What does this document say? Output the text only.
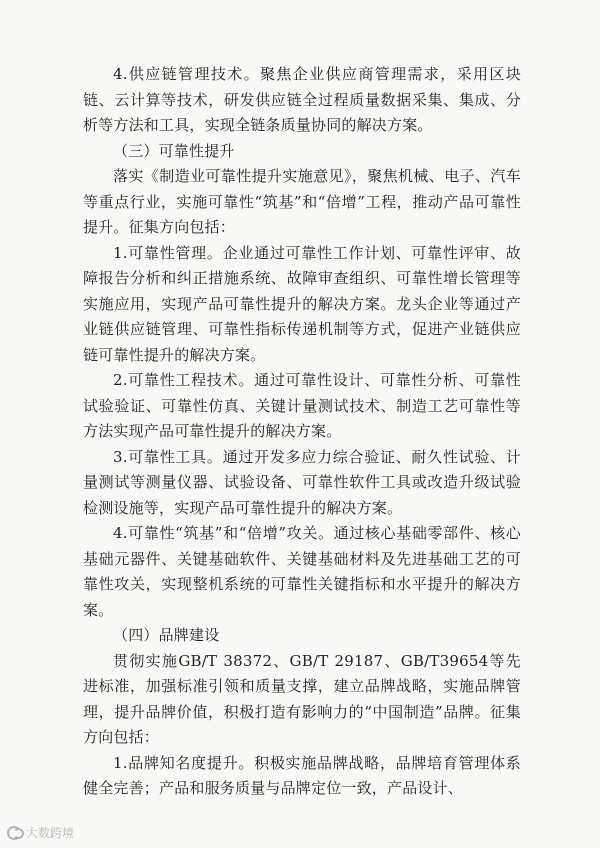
4.供应链管理技术。聚焦企业供应商管理需求，采用区块链、云计算等技术，研发供应链全过程质量数据采集、集成、分析等方法和工具，实现全链条质量协同的解决方案。

（三）可靠性提升

落实《制造业可靠性提升实施意见》，聚焦机械、电子、汽车等重点行业，实施可靠性“筑基”和“倍增”工程，推动产品可靠性提升。征集方向包括：

1.可靠性管理。企业通过可靠性工作计划、可靠性评审、故障报告分析和纠正措施系统、故障审查组织、可靠性增长管理等实施应用，实现产品可靠性提升的解决方案。龙头企业等通过产业链供应链管理、可靠性指标传递机制等方式，促进产业链供应链可靠性提升的解决方案。

2.可靠性工程技术。通过可靠性设计、可靠性分析、可靠性试验验证、可靠性仿真、关键计量测试技术、制造工艺可靠性等方法实现产品可靠性提升的解决方案。

3.可靠性工具。通过开发多应力综合验证、耐久性试验、计量测试等测量仪器、试验设备、可靠性软件工具或改造升级试验检测设施等，实现产品可靠性提升的解决方案。

4.可靠性“筑基”和“倍增”攻关。通过核心基础零部件、核心基础元器件、关键基础软件、关键基础材料及先进基础工艺的可靠性攻关，实现整机系统的可靠性关键指标和水平提升的解决方案。

（四）品牌建设

贯彻实施GB/T 38372、GB/T 29187、GB/T39654等先进标准，加强标准引领和质量支撑，建立品牌战略，实施品牌管理，提升品牌价值，积极打造有影响力的“中国制造”品牌。征集方向包括：

1.品牌知名度提升。积极实施品牌战略，品牌培育管理体系健全完善；产品和服务质量与品牌定位一致，产品设计、

大数跨境
